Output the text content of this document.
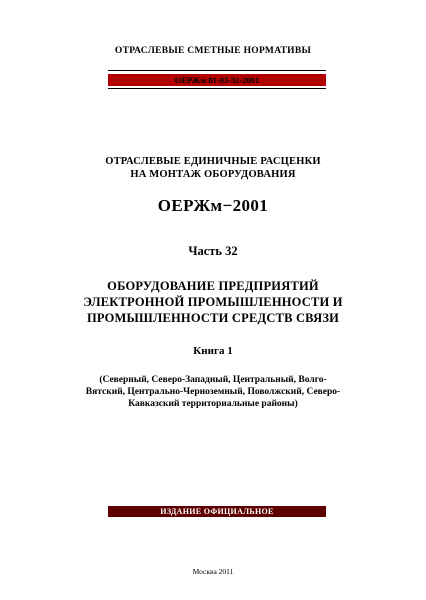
ОТРАСЛЕВЫЕ СМЕТНЫЕ НОРМАТИВЫ
ОЕРЖм 81-03-32-2001
ОТРАСЛЕВЫЕ ЕДИНИЧНЫЕ РАСЦЕНКИ
НА МОНТАЖ ОБОРУДОВАНИЯ
ОЕРЖм−2001
Часть 32
ОБОРУДОВАНИЕ ПРЕДПРИЯТИЙ
ЭЛЕКТРОННОЙ ПРОМЫШЛЕННОСТИ И
ПРОМЫШЛЕННОСТИ СРЕДСТВ СВЯЗИ
Книга 1
(Северный, Северо-Западный, Центральный, Волго-
Вятский, Центрально-Черноземный, Поволжский, Северо-
Кавказский территориальные районы)
ИЗДАНИЕ ОФИЦИАЛЬНОЕ
Москва 2011
